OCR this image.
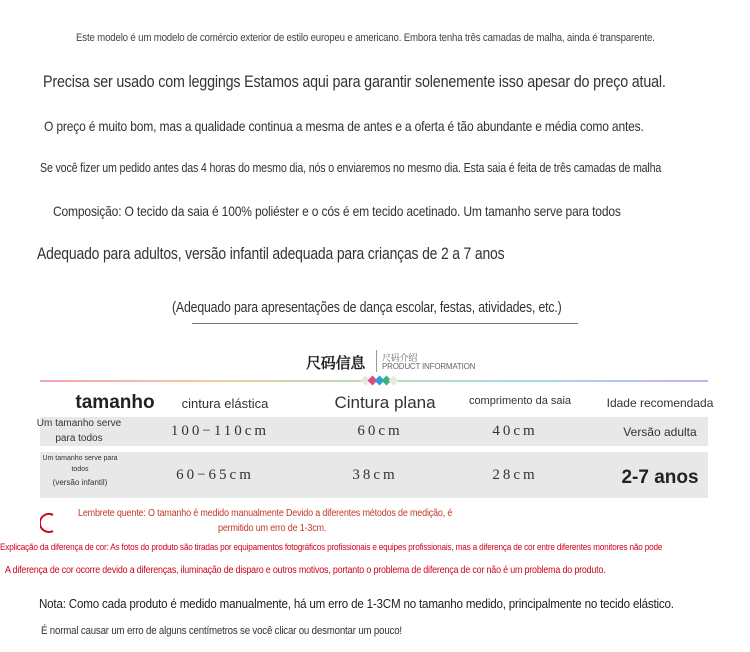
Este modelo é um modelo de comércio exterior de estilo europeu e americano. Embora tenha três camadas de malha, ainda é transparente.
Precisa ser usado com leggings Estamos aqui para garantir solenemente isso apesar do preço atual.
O preço é muito bom, mas a qualidade continua a mesma de antes e a oferta é tão abundante e média como antes.
Se você fizer um pedido antes das 4 horas do mesmo dia, nós o enviaremos no mesmo dia. Esta saia é feita de três camadas de malha
Composição: O tecido da saia é 100% poliéster e o cós é em tecido acetinado. Um tamanho serve para todos
Adequado para adultos, versão infantil adequada para crianças de 2 a 7 anos
(Adequado para apresentações de dança escolar, festas, atividades, etc.)
尺码信息 尺码介绍
PRODUCT INFORMATION
tamanho	cintura elástica	Cintura plana	comprimento da saia	Idade recomendada
Um tamanho serve para todos	100−110cm	60cm	40cm	Versão adulta
Um tamanho serve para todos
(versão infantil)	60−65cm	38cm	28cm	2-7 anos
Lembrete quente: O tamanho é medido manualmente Devido a diferentes métodos de medição, é
permitido um erro de 1-3cm.
Explicação da diferença de cor: As fotos do produto são tiradas por equipamentos fotográficos profissionais e equipes profissionais, mas a diferença de cor entre diferentes monitores não pode
A diferença de cor ocorre devido a diferenças, iluminação de disparo e outros motivos, portanto o problema de diferença de cor não é um problema do produto.
Nota: Como cada produto é medido manualmente, há um erro de 1-3CM no tamanho medido, principalmente no tecido elástico.
É normal causar um erro de alguns centímetros se você clicar ou desmontar um pouco!
